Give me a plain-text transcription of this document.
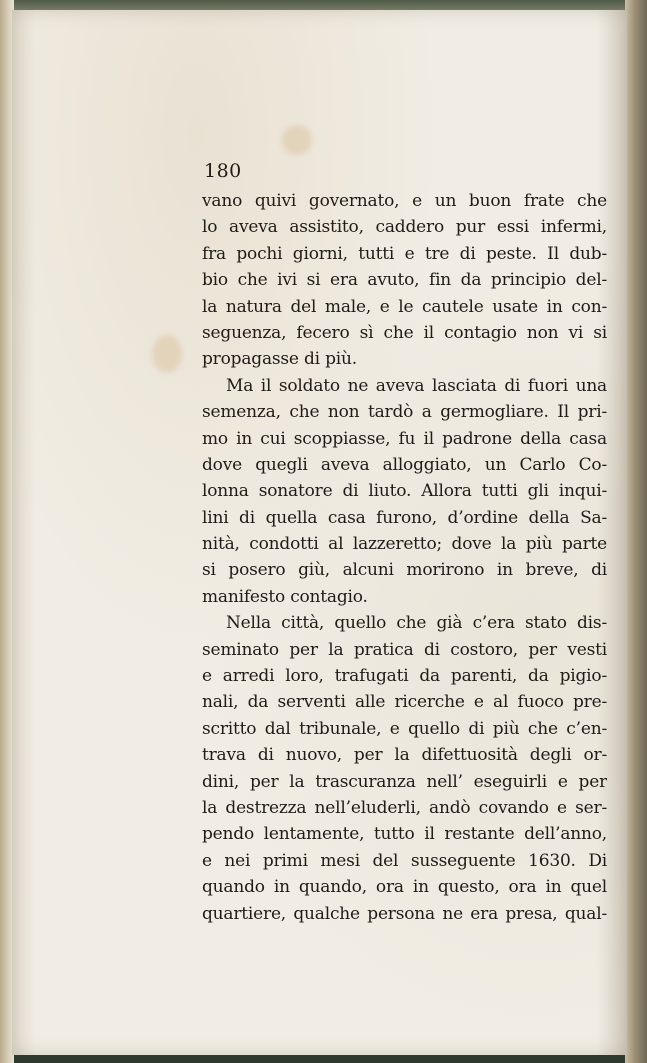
180
vano quivi governato, e un buon frate che
lo aveva assistito, caddero pur essi infermi,
fra pochi giorni, tutti e tre di peste. Il dub-
bio che ivi si era avuto, fin da principio del-
la natura del male, e le cautele usate in con-
seguenza, fecero sì che il contagio non vi si
propagasse di più.
Ma il soldato ne aveva lasciata di fuori una
semenza, che non tardò a germogliare. Il pri-
mo in cui scoppiasse, fu il padrone della casa
dove quegli aveva alloggiato, un Carlo Co-
lonna sonatore di liuto. Allora tutti gli inqui-
lini di quella casa furono, d’ordine della Sa-
nità, condotti al lazzeretto; dove la più parte
si posero giù, alcuni morirono in breve, di
manifesto contagio.
Nella città, quello che già c’era stato dis-
seminato per la pratica di costoro, per vesti
e arredi loro, trafugati da parenti, da pigio-
nali, da serventi alle ricerche e al fuoco pre-
scritto dal tribunale, e quello di più che c’en-
trava di nuovo, per la difettuosità degli or-
dini, per la trascuranza nell’ eseguirli e per
la destrezza nell’eluderli, andò covando e ser-
pendo lentamente, tutto il restante dell’anno,
e nei primi mesi del susseguente 1630. Di
quando in quando, ora in questo, ora in quel
quartiere, qualche persona ne era presa, qual-
